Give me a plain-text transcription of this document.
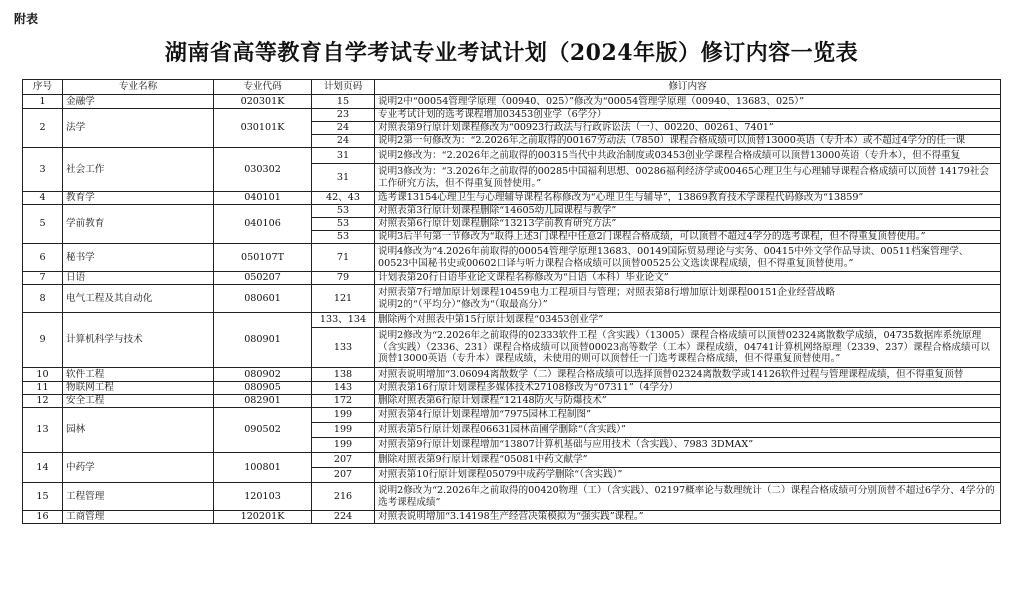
附表
湖南省高等教育自学考试专业考试计划（2024年版）修订内容一览表
序号	专业名称	专业代码	计划页码	修订内容
1	金融学	020301K	15	说明2中“00054管理学原理（00940、025）”修改为“00054管理学原理（00940、13683、025）”
2	法学	030101K	23	专业考试计划的选考课程增加03453创业学（6学分）
			24	对照表第9行原计划课程修改为“00923行政法与行政诉讼法（一）、00220、00261、7401”
			24	说明2第一句修改为：“2.2026年之前取得的00167劳动法（7850）课程合格成绩可以顶替13000英语（专升本）或不超过4学分的任一课
3	社会工作	030302	31	说明2修改为：“2.2026年之前取得的00315当代中共政治制度或03453创业学课程合格成绩可以顶替13000英语（专升本），但不得重复
			31	说明3修改为：“3.2026年之前取得的00285中国福利思想、00286福利经济学或00465心理卫生与心理辅导课程合格成绩可以顶替 14179社会工作研究方法，但不得重复顶替使用。”
4	教育学	040101	42、43	选考课13154心理卫生与心理辅导课程名称修改为“心理卫生与辅导”，13869教育技术学课程代码修改为“13859”
5	学前教育	040106	53	对照表第3行原计划课程删除“14605幼儿园课程与教学”
			53	对照表第6行原计划课程删除“13213学前教育研究方法”
			53	说明3后半句第一节修改为“取得上述3门课程中任意2门课程合格成绩，可以顶替不超过4学分的选考课程，但不得重复顶替使用。”
6	秘书学	050107T	71	说明4修改为“4.2026年前取得的00054管理学原理13683、00149国际贸易理论与实务、00415中外文学作品导读、00511档案管理学、00523中国秘书史或00602口译与听力课程合格成绩可以顶替00525公文选读课程成绩，但不得重复顶替使用。”
7	日语	050207	79	计划表第20行日语毕业论文课程名称修改为“日语（本科）毕业论文”
8	电气工程及其自动化	080601	121	对照表第7行增加原计划课程10459电力工程项目与管理；对照表第8行增加原计划课程00151企业经营战略
说明2的“（平均分）”修改为“（取最高分）”
9	计算机科学与技术	080901	133、134	删除两个对照表中第15行原计划课程“03453创业学”
			133	说明2修改为“2.2026年之前取得的02333软件工程（含实践）（13005）课程合格成绩可以顶替02324离散数学成绩，04735数据库系统原理（含实践）（2336、231）课程合格成绩可以顶替00023高等数学（工本）课程成绩，04741计算机网络原理（2339、237）课程合格成绩可以顶替13000英语（专升本）课程成绩，未使用的则可以顶替任一门选考课程合格成绩，但不得重复顶替使用。”
10	软件工程	080902	138	对照表说明增加“3.06094离散数学（二）课程合格成绩可以选择顶替02324离散数学或14126软件过程与管理课程成绩，但不得重复顶替
11	物联网工程	080905	143	对照表第16行原计划课程多媒体技术27108修改为“07311”（4学分）
12	安全工程	082901	172	删除对照表第6行原计划课程“12148防火与防爆技术”
13	园林	090502	199	对照表第4行原计划课程增加“7975园林工程制图”
			199	对照表第5行原计划课程06631园林苗圃学删除“（含实践）”
			199	对照表第9行原计划课程增加“13807计算机基础与应用技术（含实践）、7983 3DMAX”
14	中药学	100801	207	删除对照表第9行原计划课程“05081中药文献学”
			207	对照表第10行原计划课程05079中成药学删除“（含实践）”
15	工程管理	120103	216	说明2修改为“2.2026年之前取得的00420物理（工）（含实践）、02197概率论与数理统计（二）课程合格成绩可分别顶替不超过6学分、4学分的选考课程成绩”
16	工商管理	120201K	224	对照表说明增加“3.14198生产经营决策模拟为“强实践”课程。”
